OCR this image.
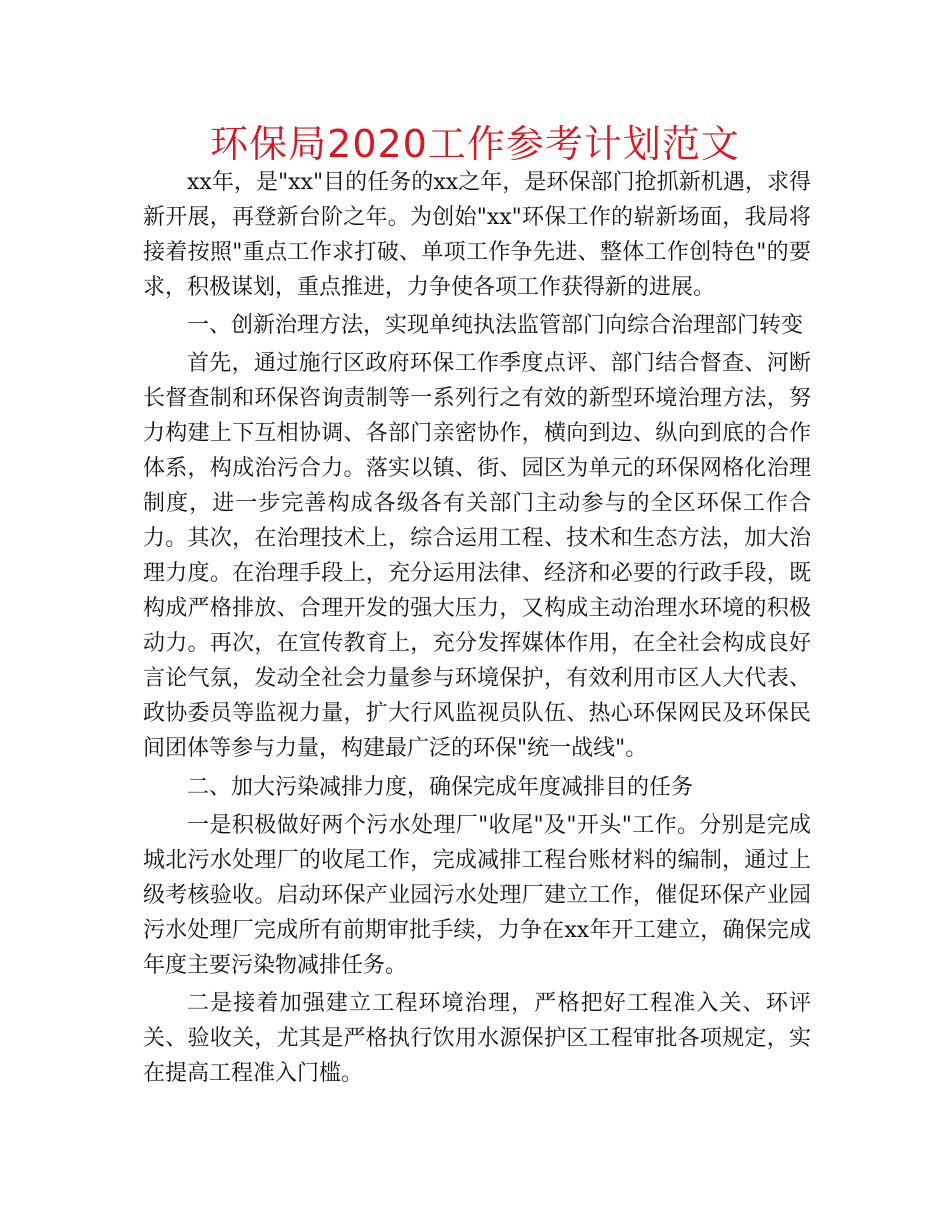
环保局2020工作参考计划范文

xx年，是"xx"目的任务的xx之年，是环保部门抢抓新机遇，求得新开展，再登新台阶之年。为创始"xx"环保工作的崭新场面，我局将接着按照"重点工作求打破、单项工作争先进、整体工作创特色"的要求，积极谋划，重点推进，力争使各项工作获得新的进展。

一、创新治理方法，实现单纯执法监管部门向综合治理部门转变

首先，通过施行区政府环保工作季度点评、部门结合督查、河断长督查制和环保咨询责制等一系列行之有效的新型环境治理方法，努力构建上下互相协调、各部门亲密协作，横向到边、纵向到底的合作体系，构成治污合力。落实以镇、街、园区为单元的环保网格化治理制度，进一步完善构成各级各有关部门主动参与的全区环保工作合力。其次，在治理技术上，综合运用工程、技术和生态方法，加大治理力度。在治理手段上，充分运用法律、经济和必要的行政手段，既构成严格排放、合理开发的强大压力，又构成主动治理水环境的积极动力。再次，在宣传教育上，充分发挥媒体作用，在全社会构成良好言论气氛，发动全社会力量参与环境保护，有效利用市区人大代表、政协委员等监视力量，扩大行风监视员队伍、热心环保网民及环保民间团体等参与力量，构建最广泛的环保"统一战线"。

二、加大污染减排力度，确保完成年度减排目的任务

一是积极做好两个污水处理厂"收尾"及"开头"工作。分别是完成城北污水处理厂的收尾工作，完成减排工程台账材料的编制，通过上级考核验收。启动环保产业园污水处理厂建立工作，催促环保产业园污水处理厂完成所有前期审批手续，力争在xx年开工建立，确保完成年度主要污染物减排任务。

二是接着加强建立工程环境治理，严格把好工程准入关、环评关、验收关，尤其是严格执行饮用水源保护区工程审批各项规定，实在提高工程准入门槛。
